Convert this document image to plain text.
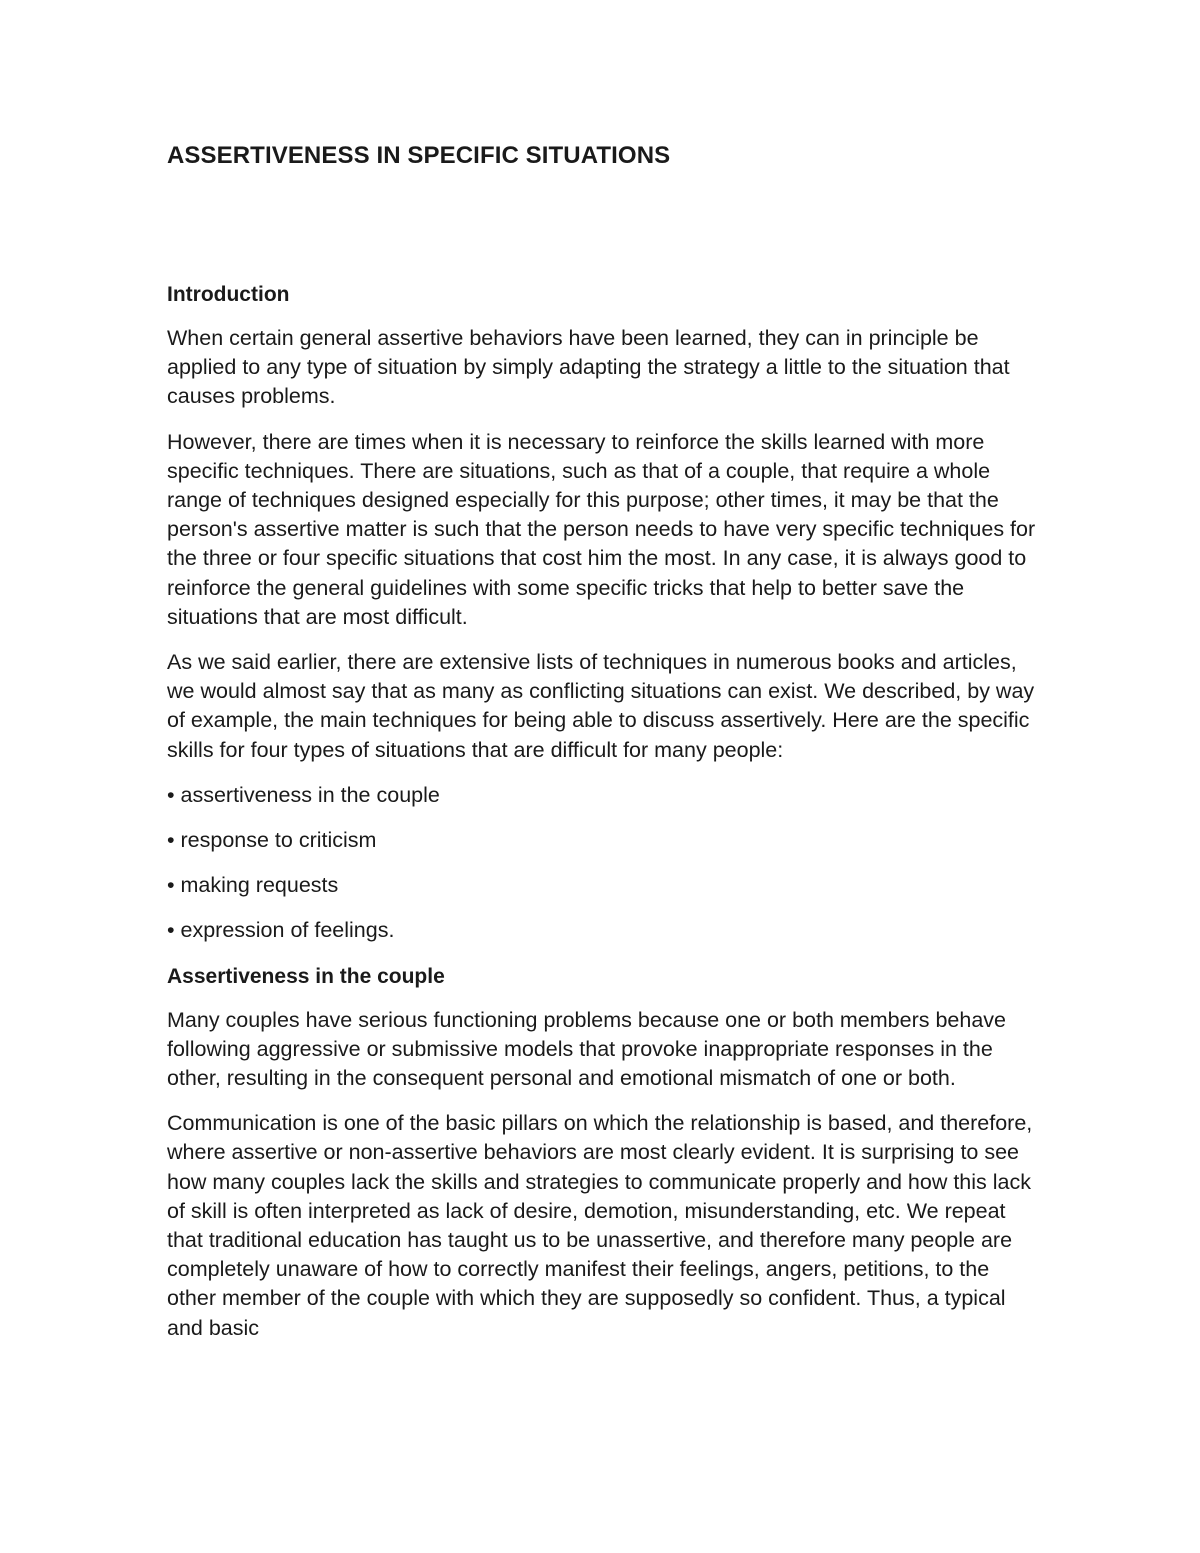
ASSERTIVENESS IN SPECIFIC SITUATIONS
Introduction

When certain general assertive behaviors have been learned, they can in principle be applied to any type of situation by simply adapting the strategy a little to the situation that causes problems.

However, there are times when it is necessary to reinforce the skills learned with more specific techniques. There are situations, such as that of a couple, that require a whole range of techniques designed especially for this purpose; other times, it may be that the person's assertive matter is such that the person needs to have very specific techniques for the three or four specific situations that cost him the most. In any case, it is always good to reinforce the general guidelines with some specific tricks that help to better save the situations that are most difficult.

As we said earlier, there are extensive lists of techniques in numerous books and articles, we would almost say that as many as conflicting situations can exist. We described, by way of example, the main techniques for being able to discuss assertively. Here are the specific skills for four types of situations that are difficult for many people:

• assertiveness in the couple

• response to criticism

• making requests

• expression of feelings.

Assertiveness in the couple

Many couples have serious functioning problems because one or both members behave following aggressive or submissive models that provoke inappropriate responses in the other, resulting in the consequent personal and emotional mismatch of one or both.

Communication is one of the basic pillars on which the relationship is based, and therefore, where assertive or non-assertive behaviors are most clearly evident. It is surprising to see how many couples lack the skills and strategies to communicate properly and how this lack of skill is often interpreted as lack of desire, demotion, misunderstanding, etc. We repeat that traditional education has taught us to be unassertive, and therefore many people are completely unaware of how to correctly manifest their feelings, angers, petitions, to the other member of the couple with which they are supposedly so confident. Thus, a typical and basic
